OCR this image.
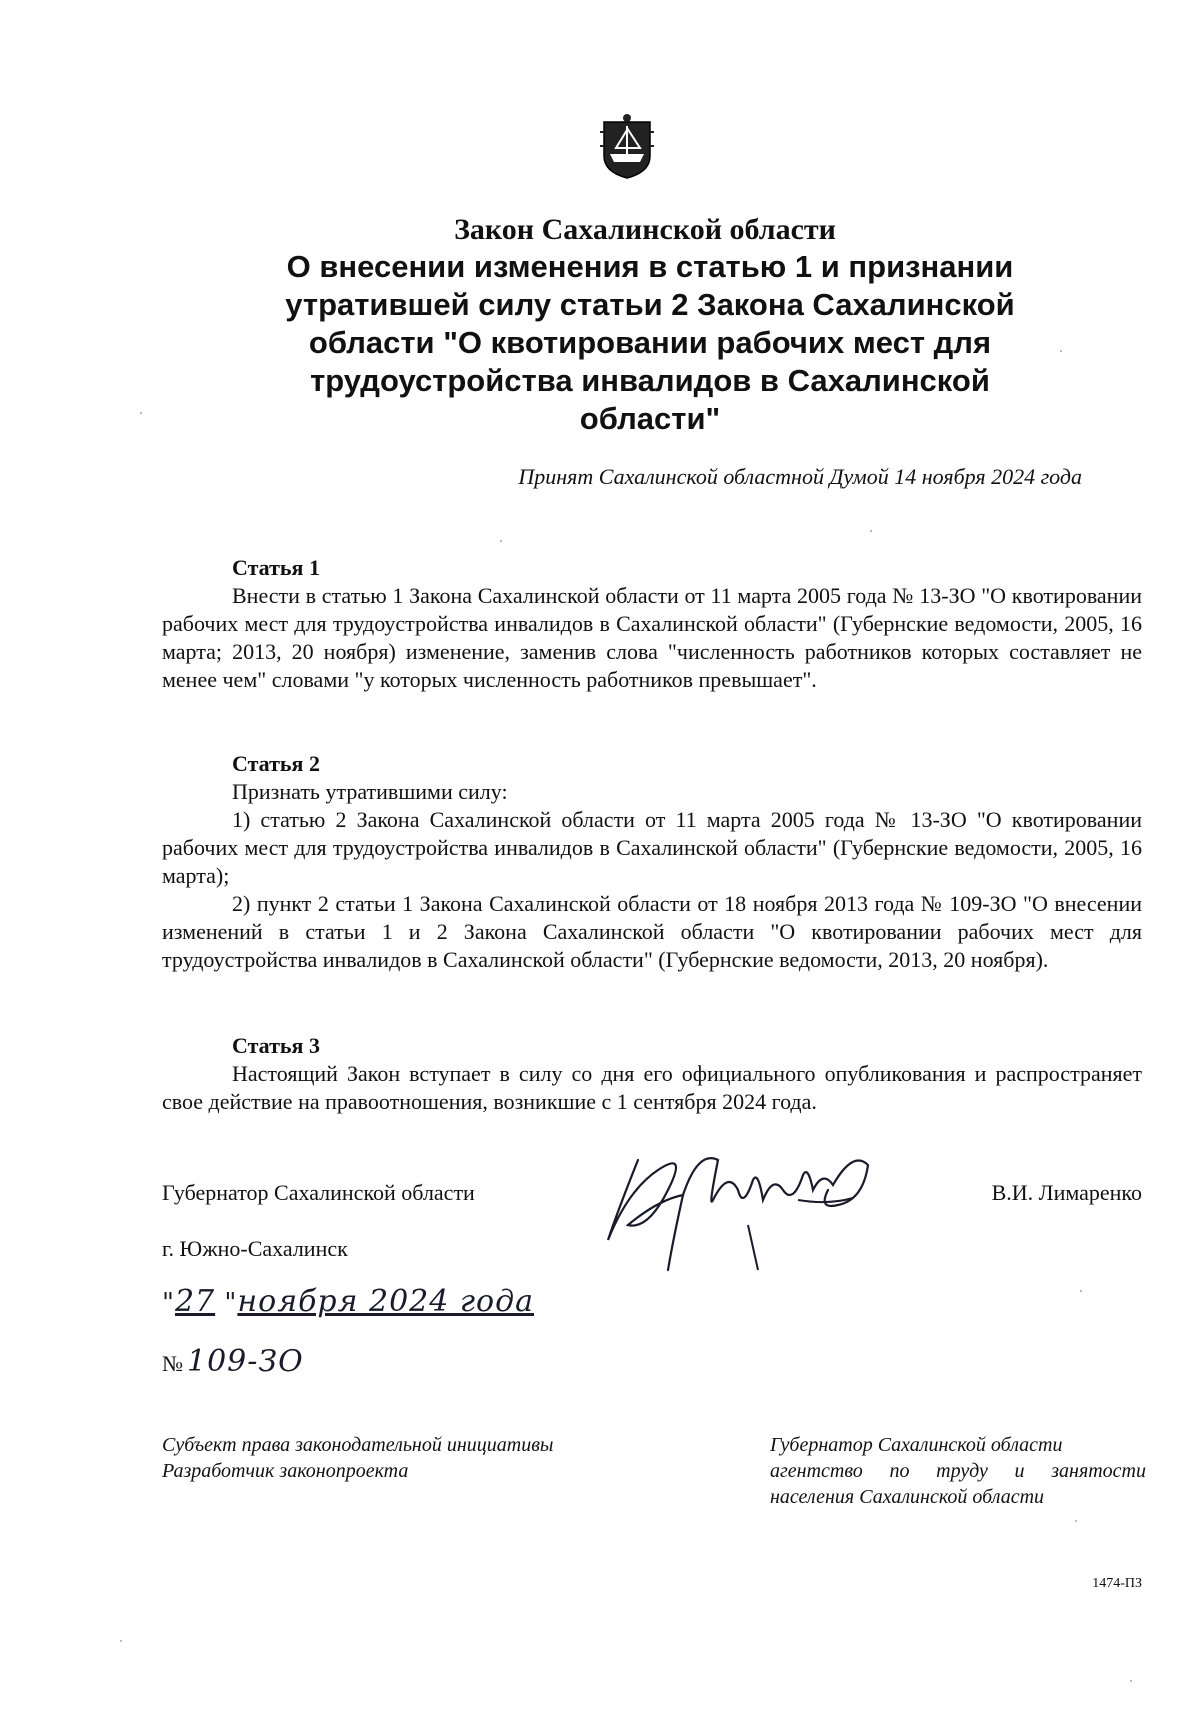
Закон Сахалинской области
О внесении изменения в статью 1 и признании
утратившей силу статьи 2 Закона Сахалинской
области "О квотировании рабочих мест для
трудоустройства инвалидов в Сахалинской
области"
Принят Сахалинской областной Думой 14 ноября 2024 года
Статья 1

Внести в статью 1 Закона Сахалинской области от 11 марта 2005 года № 13-ЗО "О квотировании рабочих мест для трудоустройства инвалидов в Сахалинской области" (Губернские ведомости, 2005, 16 марта; 2013, 20 ноября) изменение, заменив слова "численность работников которых составляет не менее чем" словами "у которых численность работников превышает".

Статья 2

Признать утратившими силу:

1) статью 2 Закона Сахалинской области от 11 марта 2005 года № 13-ЗО "О квотировании рабочих мест для трудоустройства инвалидов в Сахалинской области" (Губернские ведомости, 2005, 16 марта);

2) пункт 2 статьи 1 Закона Сахалинской области от 18 ноября 2013 года № 109-ЗО "О внесении изменений в статьи 1 и 2 Закона Сахалинской области "О квотировании рабочих мест для трудоустройства инвалидов в Сахалинской области" (Губернские ведомости, 2013, 20 ноября).

Статья 3

Настоящий Закон вступает в силу со дня его официального опубликования и распространяет свое действие на правоотношения, возникшие с 1 сентября 2024 года.

Губернатор Сахалинской области	В.И. Лимаренко
г. Южно-Сахалинск
"27 "ноября 2024 года
№ 109-ЗО
Субъект права законодательной инициативы
Разработчик законопроекта
Губернатор Сахалинской области
агентство по труду и занятости
населения Сахалинской области
1474-ПЗ
